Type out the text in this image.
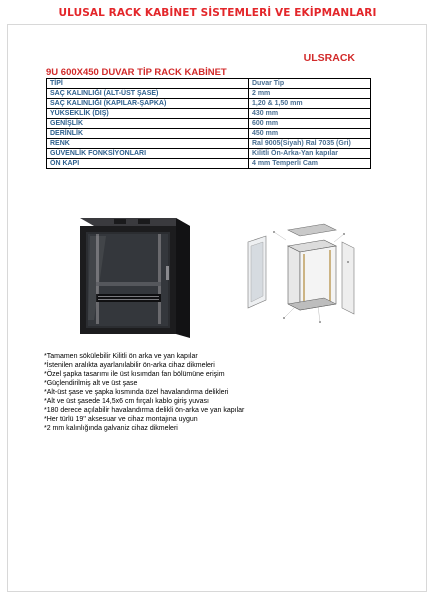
ULUSAL RACK KABİNET SİSTEMLERİ VE EKİPMANLARI
ULSRACK
9U 600X450 DUVAR TİP RACK KABİNET
TİPİ	Duvar Tip
SAÇ KALINLIĞI (ALT-ÜST ŞASE)	2 mm
SAÇ KALINLIĞI (KAPILAR-ŞAPKA)	1,20 & 1,50 mm
YÜKSEKLİK (DIŞ)	430 mm
GENİŞLİK	600 mm
DERİNLİK	450 mm
RENK	Ral 9005(Siyah) Ral 7035 (Gri)
GÜVENLİK FONKSİYONLARI	Kilitli Ön-Arka-Yan kapılar
ÖN KAPI	4 mm Temperli Cam
*Tamamen sökülebilir Kilitli ön arka ve yan kapılar
*İstenilen aralıkta ayarlanılabilir ön-arka cihaz dikmeleri
*Özel şapka tasarımı ile üst kısımdan fan bölümüne erişim
*Güçlendirilmiş alt ve üst şase
*Alt-üst şase ve şapka kısmında özel havalandırma delikleri
*Alt ve üst şasede 14,5x6 cm fırçalı kablo giriş yuvası
*180 derece açılabilir havalandırma delikli ön-arka ve yan kapılar
*Her türlü 19'' aksesuar ve cihaz montajına uygun
*2 mm kalınlığında galvaniz cihaz dikmeleri
